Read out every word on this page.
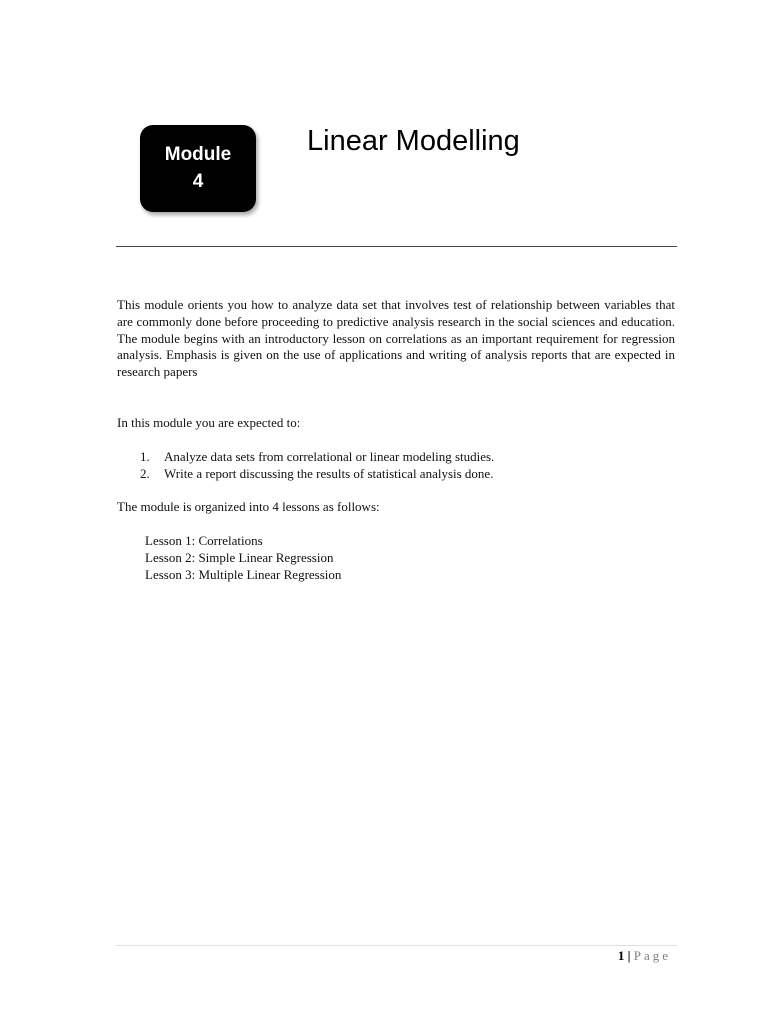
Module
4
Linear Modelling

This module orients you how to analyze data set that involves test of relationship between variables that are commonly done before proceeding to predictive analysis research in the social sciences and education. The module begins with an introductory lesson on correlations as an important requirement for regression analysis. Emphasis is given on the use of applications and writing of analysis reports that are expected in research papers

In this module you are expected to:

1.	Analyze data sets from correlational or linear modeling studies.
2.	Write a report discussing the results of statistical analysis done.

The module is organized into 4 lessons as follows:

Lesson 1: Correlations
Lesson 2: Simple Linear Regression
Lesson 3: Multiple Linear Regression
1 | Page
